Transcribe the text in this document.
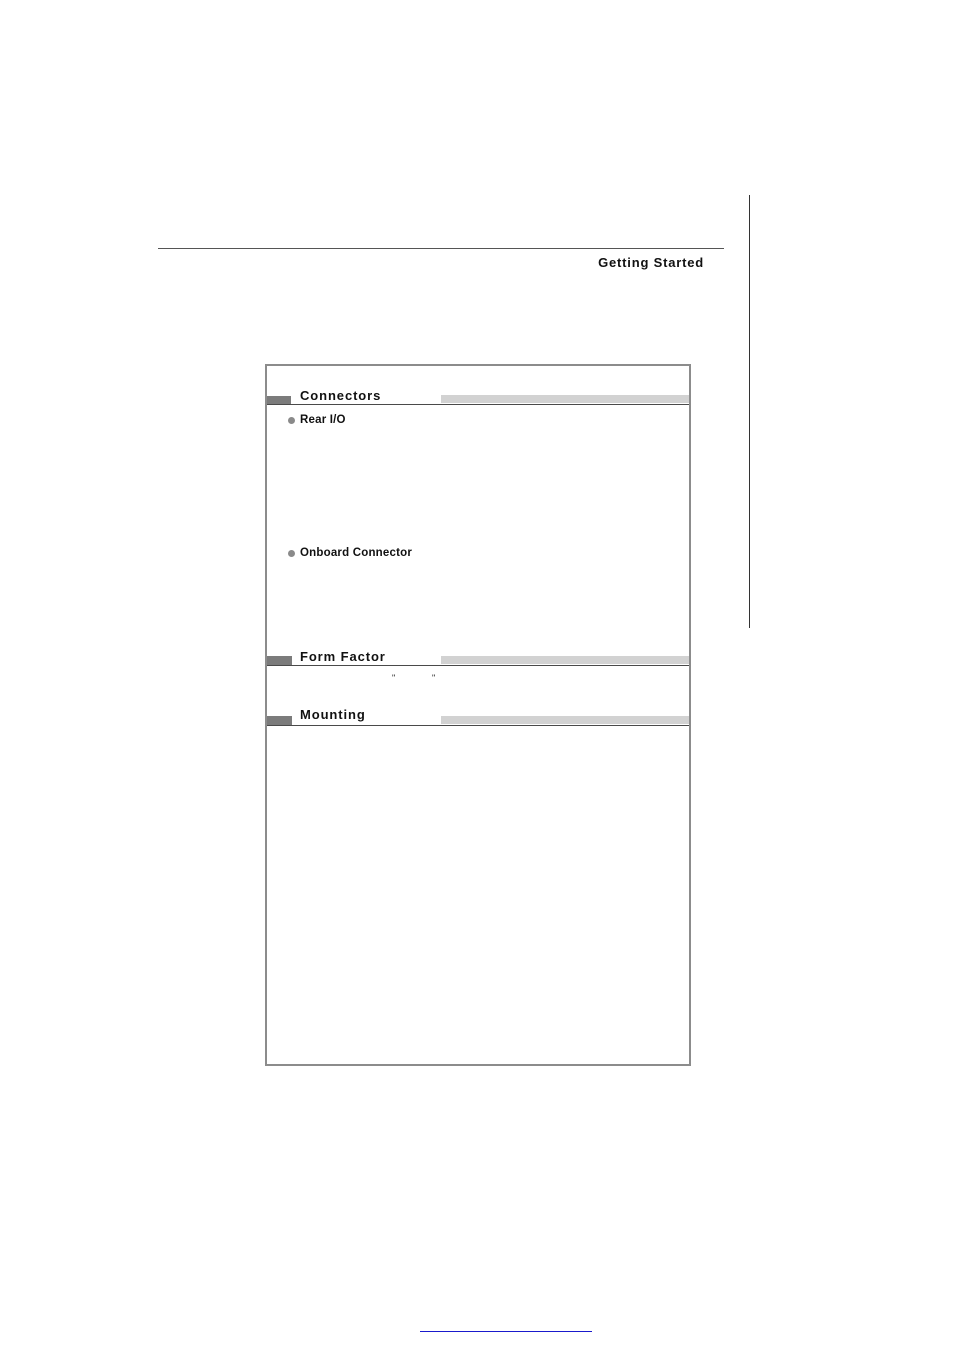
Getting Started
Connectors
Rear I/O
Onboard Connector
Form Factor
"	"
Mounting
